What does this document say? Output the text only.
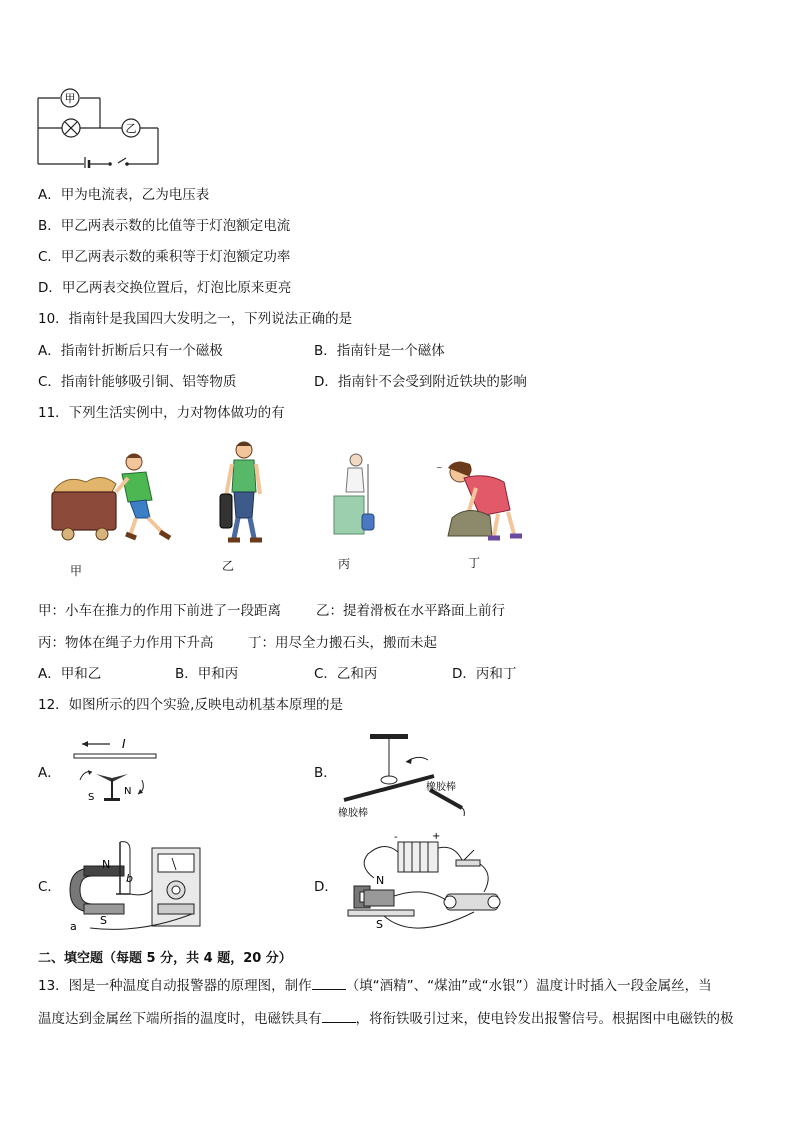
甲
乙
A．甲为电流表，乙为电压表
B．甲乙两表示数的比值等于灯泡额定电流
C．甲乙两表示数的乘积等于灯泡额定功率
D．甲乙两表交换位置后，灯泡比原来更亮
10．指南针是我国四大发明之一，下列说法正确的是
A．指南针折断后只有一个磁极	B．指南针是一个磁体
C．指南针能够吸引铜、铝等物质	D．指南针不会受到附近铁块的影响
11．下列生活实例中，力对物体做功的有
~
甲	乙	丙	丁
甲：小车在推力的作用下前进了一段距离	乙：提着滑板在水平路面上前行
丙：物体在绳子力作用下升高	丁：用尽全力搬石头，搬而未起
A．甲和乙	B．甲和丙	C．乙和丙	D．丙和丁
12．如图所示的四个实验,反映电动机基本原理的是
A．
I
S
N
B．
橡胶棒
橡胶棒
C．
N
S
a
b
D．
-	+
N
S
二、填空题（每题 5 分，共 4 题，20 分）
13．图是一种温度自动报警器的原理图，制作	（填“酒精”、“煤油”或“水银”）温度计时插入一段金属丝，当
温度达到金属丝下端所指的温度时，电磁铁具有	，将衔铁吸引过来，使电铃发出报警信号。根据图中电磁铁的极
